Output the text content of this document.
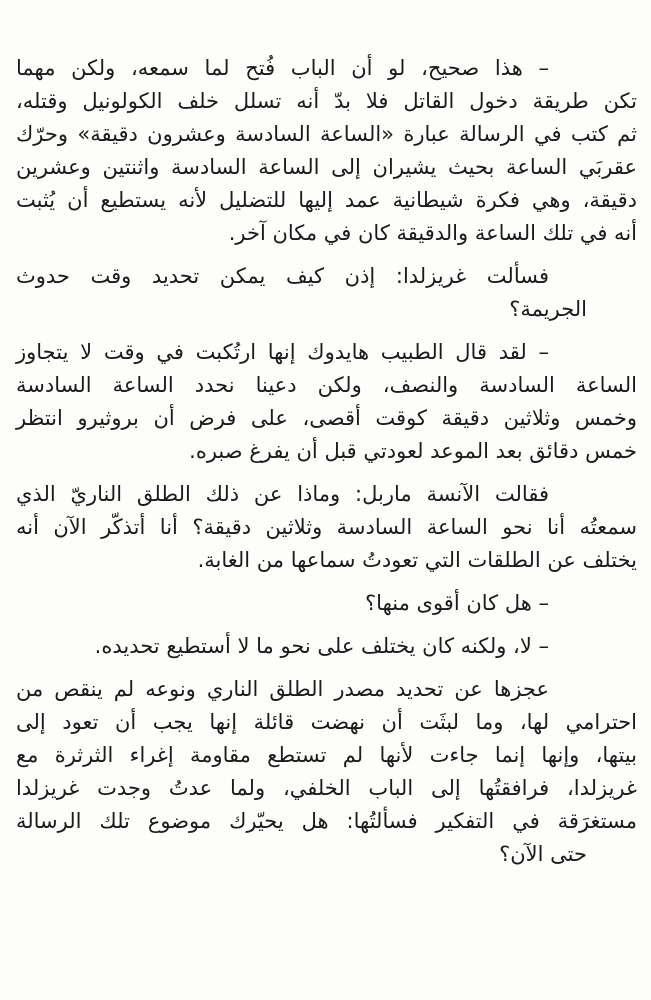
– هذا صحيح، لو أن الباب فُتح لما سمعه، ولكن مهما
تكن طريقة دخول القاتل فلا بدّ أنه تسلل خلف الكولونيل وقتله،
ثم كتب في الرسالة عبارة «الساعة السادسة وعشرون دقيقة» وحرّك
عقربَي الساعة بحيث يشيران إلى الساعة السادسة واثنتين وعشرين
دقيقة، وهي فكرة شيطانية عمد إليها للتضليل لأنه يستطيع أن يُثبت
أنه في تلك الساعة والدقيقة كان في مكان آخر.
فسألت غريزلدا: إذن كيف يمكن تحديد وقت حدوث
الجريمة؟
– لقد قال الطبيب هايدوك إنها ارتُكبت في وقت لا يتجاوز
الساعة السادسة والنصف، ولكن دعينا نحدد الساعة السادسة
وخمس وثلاثين دقيقة كوقت أقصى، على فرض أن بروثيرو انتظر
خمس دقائق بعد الموعد لعودتي قبل أن يفرغ صبره.
فقالت الآنسة ماربل: وماذا عن ذلك الطلق الناريّ الذي
سمعتُه أنا نحو الساعة السادسة وثلاثين دقيقة؟ أنا أتذكّر الآن أنه
يختلف عن الطلقات التي تعودتُ سماعها من الغابة.
– هل كان أقوى منها؟
– لا، ولكنه كان يختلف على نحو ما لا أستطيع تحديده.
عجزها عن تحديد مصدر الطلق الناري ونوعه لم ينقص من
احترامي لها، وما لبثَت أن نهضت قائلة إنها يجب أن تعود إلى
بيتها، وإنها إنما جاءت لأنها لم تستطع مقاومة إغراء الثرثرة مع
غريزلدا، فرافقتُها إلى الباب الخلفي، ولما عدتُ وجدت غريزلدا
مستغرَقة في التفكير فسألتُها: هل يحيّرك موضوع تلك الرسالة
حتى الآن؟
